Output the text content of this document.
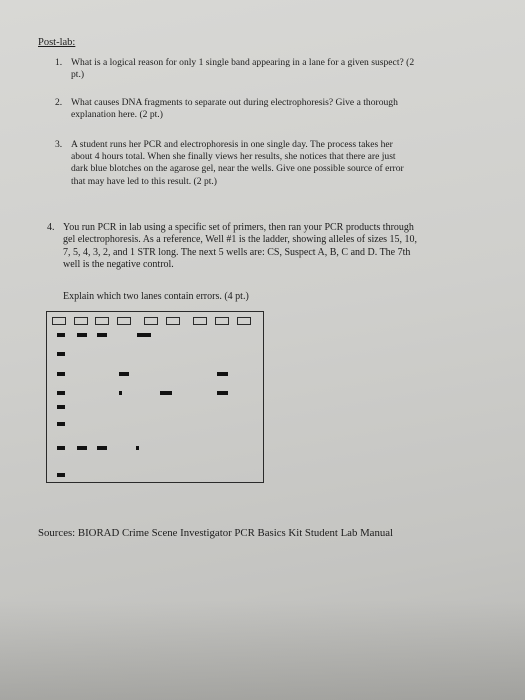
Post-lab:
1. What is a logical reason for only 1 single band appearing in a lane for a given suspect? (2
pt.)
2. What causes DNA fragments to separate out during electrophoresis? Give a thorough
explanation here. (2 pt.)
3. A student runs her PCR and electrophoresis in one single day. The process takes her
about 4 hours total. When she finally views her results, she notices that there are just
dark blue blotches on the agarose gel, near the wells. Give one possible source of error
that may have led to this result. (2 pt.)
4. You run PCR in lab using a specific set of primers, then ran your PCR products through
gel electrophoresis. As a reference, Well #1 is the ladder, showing alleles of sizes 15, 10,
7, 5, 4, 3, 2, and 1 STR long. The next 5 wells are: CS, Suspect A, B, C and D. The 7th
well is the negative control.
Explain which two lanes contain errors. (4 pt.)
Sources: BIORAD Crime Scene Investigator PCR Basics Kit Student Lab Manual
